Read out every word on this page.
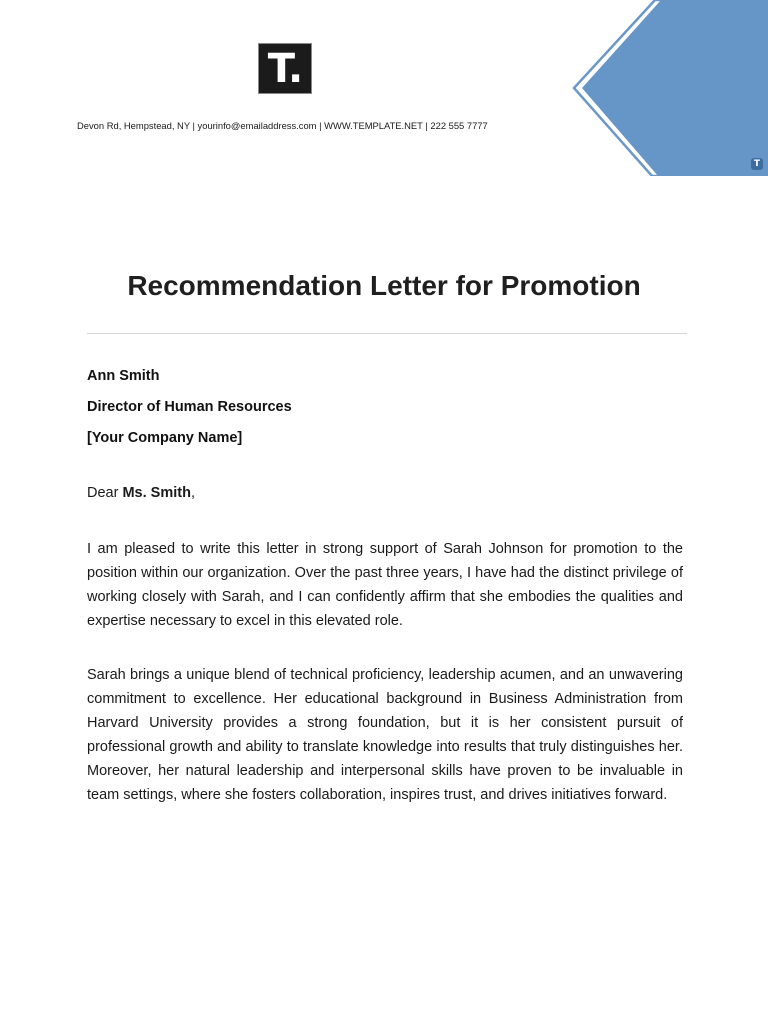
T
T.
Devon Rd, Hempstead, NY | yourinfo@emailaddress.com | WWW.TEMPLATE.NET | 222 555 7777
Recommendation Letter for Promotion
Ann Smith
Director of Human Resources
[Your Company Name]
Dear Ms. Smith,

I am pleased to write this letter in strong support of Sarah Johnson for promotion to the position within our organization. Over the past three years, I have had the distinct privilege of working closely with Sarah, and I can confidently affirm that she embodies the qualities and expertise necessary to excel in this elevated role.

Sarah brings a unique blend of technical proficiency, leadership acumen, and an unwavering commitment to excellence. Her educational background in Business Administration from Harvard University provides a strong foundation, but it is her consistent pursuit of professional growth and ability to translate knowledge into results that truly distinguishes her. Moreover, her natural leadership and interpersonal skills have proven to be invaluable in team settings, where she fosters collaboration, inspires trust, and drives initiatives forward.
